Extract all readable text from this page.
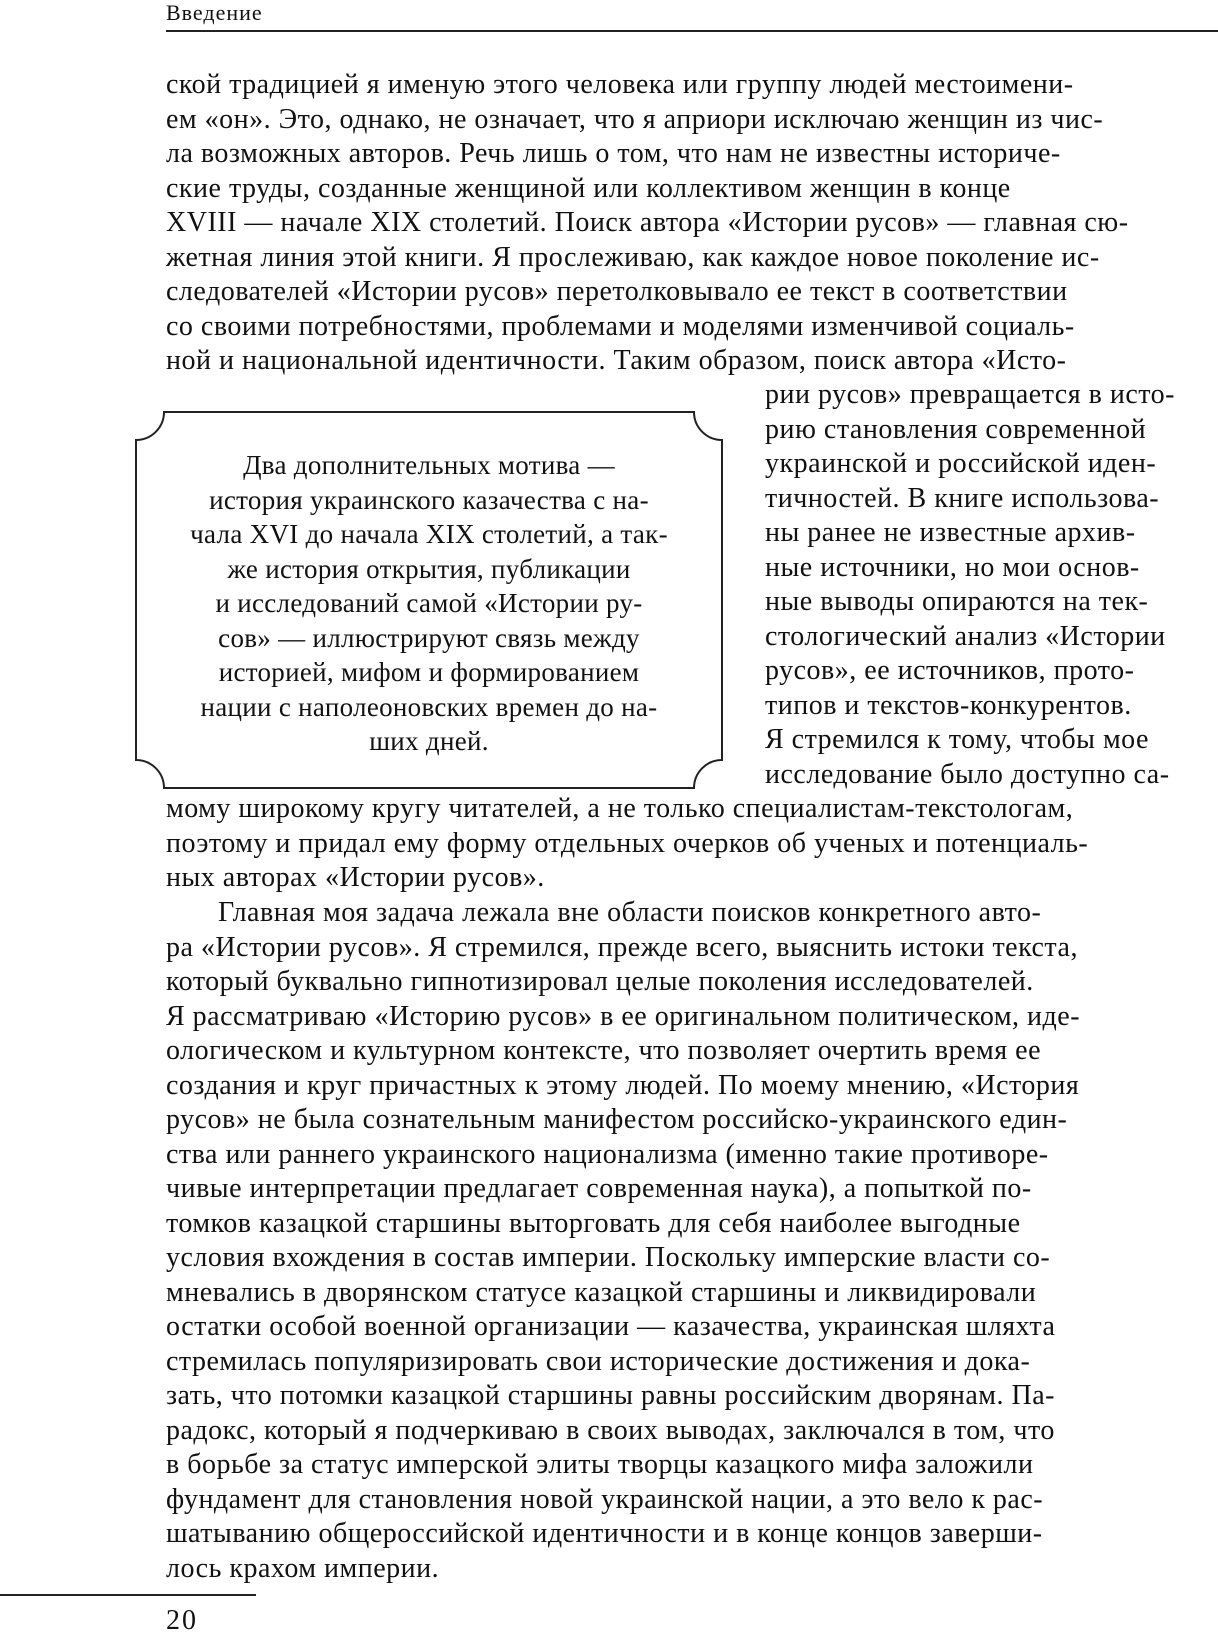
Введение
ской традицией я именую этого человека или группу людей местоимени-
ем «он». Это, однако, не означает, что я априори исключаю женщин из чис-
ла возможных авторов. Речь лишь о том, что нам не известны историче-
ские труды, созданные женщиной или коллективом женщин в конце
XVIII — начале XIX столетий. Поиск автора «Истории русов» — главная сю-
жетная линия этой книги. Я прослеживаю, как каждое новое поколение ис-
следователей «Истории русов» перетолковывало ее текст в соответствии
со своими потребностями, проблемами и моделями изменчивой социаль-
ной и национальной идентичности. Таким образом, поиск автора «Исто-
рии русов» превращается в исто-
рию становления современной
украинской и российской иден-
тичностей. В книге использова-
ны ранее не известные архив-
ные источники, но мои основ-
ные выводы опираются на тек-
стологический анализ «Истории
русов», ее источников, прото-
типов и текстов-конкурентов.
Я стремился к тому, чтобы мое
исследование было доступно са-
Два дополнительных мотива —
история украинского казачества с на-
чала XVI до начала XIX столетий, а так-
же история открытия, публикации
и исследований самой «Истории ру-
сов» — иллюстрируют связь между
историей, мифом и формированием
нации с наполеоновских времен до на-
ших дней.
мому широкому кругу читателей, а не только специалистам-текстологам,
поэтому и придал ему форму отдельных очерков об ученых и потенциаль-
ных авторах «Истории русов».
Главная моя задача лежала вне области поисков конкретного авто-
ра «Истории русов». Я стремился, прежде всего, выяснить истоки текста,
который буквально гипнотизировал целые поколения исследователей.
Я рассматриваю «Историю русов» в ее оригинальном политическом, иде-
ологическом и культурном контексте, что позволяет очертить время ее
создания и круг причастных к этому людей. По моему мнению, «История
русов» не была сознательным манифестом российско-украинского един-
ства или раннего украинского национализма (именно такие противоре-
чивые интерпретации предлагает современная наука), а попыткой по-
томков казацкой старшины выторговать для себя наиболее выгодные
условия вхождения в состав империи. Поскольку имперские власти со-
мневались в дворянском статусе казацкой старшины и ликвидировали
остатки особой военной организации — казачества, украинская шляхта
стремилась популяризировать свои исторические достижения и дока-
зать, что потомки казацкой старшины равны российским дворянам. Па-
радокс, который я подчеркиваю в своих выводах, заключался в том, что
в борьбе за статус имперской элиты творцы казацкого мифа заложили
фундамент для становления новой украинской нации, а это вело к рас-
шатыванию общероссийской идентичности и в конце концов заверши-
лось крахом империи.
20
